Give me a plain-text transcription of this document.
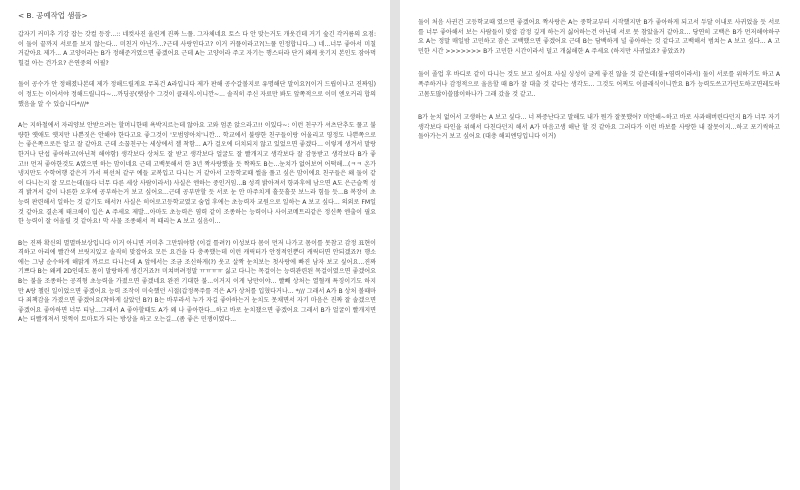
< B. 공예작업 샘플>

갑자기 커미추 기강 잡는 갓컬 등장...:: 네컷사진 울린계 진짜 느풀. 그자체네요 토스 다 안 맞는거도 개웃긴데 거기 숲긴 각커름의 요점: 이 둘이 끝까지 서로를 보지 않는다... 미친거 아닌가...?근데 사랑인다고? 이거 커플이라고?(느풀 인정합니다...) 네...너무 좋아서 미칠거같아요 제가... A 고양이라는 B가 정해준거였으면 좋겠어요 근데 A는 고양이라 주고 자기는 행스터라 단거 왜케 웃기지 본인도 잠아먹힐걸 아는 건가요? 은연중의 어필?

돌이 공수가 안 정해졌나본데 제가 정해드릴게요 무록건 A라입니다 제가 판해 공수갈볼지로 유명해단 말이요?(이거 드립이나고 진짜임) 이 정도는 이어서야 정해드릴니다~...까딩공(랫삼수 그것이 클래식-이니깐~... 솔직히 주신 자료만 봐도 앞쪽적으로 이미 엔오커리 합의했음을 알 수 있습니다*///*

A는 지하철에서 자리양보 안받으려는 할머니한테 욕박지르는데 않아요 고와 엄존 앉으라고!! 이있다~: 이런 친구가 셔츠단추도 풀고 불량한 옛애도 옛지만 나쁜짓은 안해야 한다고요 좋그것이 '모범양아치'니깐... 학교에서 불량한 친구들이랑 어울리고 영정도 나쁜쪽으로는 좋은쪽으로든 알고 잘 같아요 근데 소꿉친구는 세상에서 젤 착함... A가 걸오에 더치되지 않고 있었으면 좋겠다... 이렇게 생겨서 말랑한거나 단섭 좋아하고(아닌척 해야함) 생각보다 상처도 잘 받고 생각보다 얼굴도 잘 빨개지고 생각보다 잘 감동받고 생각보다 B가 좋고!! 먼저 좋아한것도 A였으면 하는 맘이네요 근데 고백못해서 한 3년 짝사랑했을 듯 짝짜도 B는...눈치가 없어보여 어떡해...(ㅋㅋ 온가 냉지만도 수학여행 같은거 가서 픽선처 같구 예들 교복입고 다니는 거 같아서 고등학교때 썰을 풀고 싶은 맘이에요 친구들은 왜 둘이 같이 다니는지 잘 모르는데(둘다 너무 다른 세상 사람이라서) 사실은 엔하는 중인거임...B 성격 밝아져서 항과후에 남으면 A도 은근슬쩍 성격 밝겨서 같이 나른한 오후에 공부하는거 보고 싶어요...근데 공부만할 듯 서로 눈 안 마주치게 흘끗흘끗 보느라 힘들 듯...B 복장이 초능력 판련해서 일하는 것 같기도 해서?! 사실은 히어로고등학교였고 숨업 후에는 초능력자 교원으로 일하는 A 보고 싶다... 의외로 FM일 것 같아요 결손제 태크해이 입은 A 주세요 제발...아마도 초능력은 염력 같이 조종하는 능력이나 사이코메트리같은 정신쪽 엔출이 필요한 능력이 잘 어울릴 것 같아요! 막 사물 조종해서 적 때리는 A 보고 싶음이...

B는 진짜 확신의 멸멸바보상입니다 이거 아니면 커미추 그만둬야함 (이걸 틀려?) 이성보다 몸이 먼저 나가고 몸이를 못참고 감정 표현이 격하고 아리에 빨간색 브릿지있고 솔직히 맞잡아요 모든 요건을 다 충족했는데 이런 캐릭터가 안정적인뿐더 캐릭터면 안되겠죠?! 행소에는 그냥 순수하게 해맑게 까르르 다니는데 A 앞에서는 조금 조신하게(?) 웃고 살짝 눈치보는 첫사랑에 빠진 남자 보고 싶어요...진짜 기쁘다 B는 왜케 2D인데도 몸이 말랑하게 생긴거죠?! 미쳐버려정말 ㅠㅠㅠㅠ 싫고 다니는 목걸이는 능력관련된 목걸이였으면 좋겠어요 B는 불을 조종하는 공격형 초능력을 가졌으면 좋겠네요 완전 기대한 불...이거지 이게 낭만이야... 빨빼 상처는 열혈캐 특징이기도 하지만 A랑 챌린 일이었으면 좋겠어요 능력 조작이 미숙했던 시절(갑정폭주를 걱은 A가 상처를 입혔다거나... */// 그래서 A가 B 상처 볼때마다 죄책감을 가졌으면 좋겠어요(착하게 살았던 B?) B는 바부라서 누가 자길 좋아하는거 눈치도 못채면서 자기 마음은 진짜 잘 솔겠으면 좋겠어요 좋아하면 너무 티남...그래서 A 좋아할때도 A가 왜 나 좋아한다...하고 바로 눈치챘으면 좋겠어요 그래서 B가 얼굴이 빨개지면 A는 더빨개져서 멋쩍이 토마토가 되는 방상을 하고 오는길...(좀 좋은 민쟁이였다...

둘이 처음 사귄건 고등학교때 였으면 좋겠어요 짝사랑은 A는 중학교부터 시작했지만 B가 좋아하게 되고서 두달 이내로 사귀었을 듯 서로를 너무 좋아해서 보는 사람들이 맞잡 감정 깊게 하는거 싫어하는건 아닌데 서로 못 참았을거 같아요... 당연히 고백은 B가 먼저해야하구요 A는 정말 매일밤 고민하고 잠은 고백했으면 좋겠어요 근데 B는 담백하게 널 좋아하는 것 같다고 고백해서 범쳐는 A 보고 싶다... A 고민한 시간 >>>>>>> B가 고민한 시간이라서 덜고 개싫해한 A 주세요 (하지만 사귀었죠? 좋았죠?)

둘이 졸업 후 바디로 같이 다니는 것도 보고 싶어요 사실 싱성이 글케 좋진 않을 것 같은데(불+염력이라서) 둘이 서로를 위하기도 하고 A 폭주하거나 감정적으로 울음할 때 B가 잘 대출 것 같다는 생각도... 그것도 어찌도 이클래식이니깐요 B가 능력도쓰고가던도하고면레도하고몸도많이쓸많이하나가 그래 갔을 것 같고..

B가 눈치 없어서 고생하는 A 보고 싶다... 너 짜증난다고 말해도 내가 뭔가 잘못했어? 미안해~하고 바로 사과해버린다던지 B가 너무 자기 생각보다 타인을 위해서 다친다던지 해서 A가 마음고생 해난 할 것 같아요 그러다가 이런 바보를 사랑한 내 잘못이지...하고 포기씩하고 돌아가는거 보고 싶어요 (대충 해피엔딩입니다 이거)
